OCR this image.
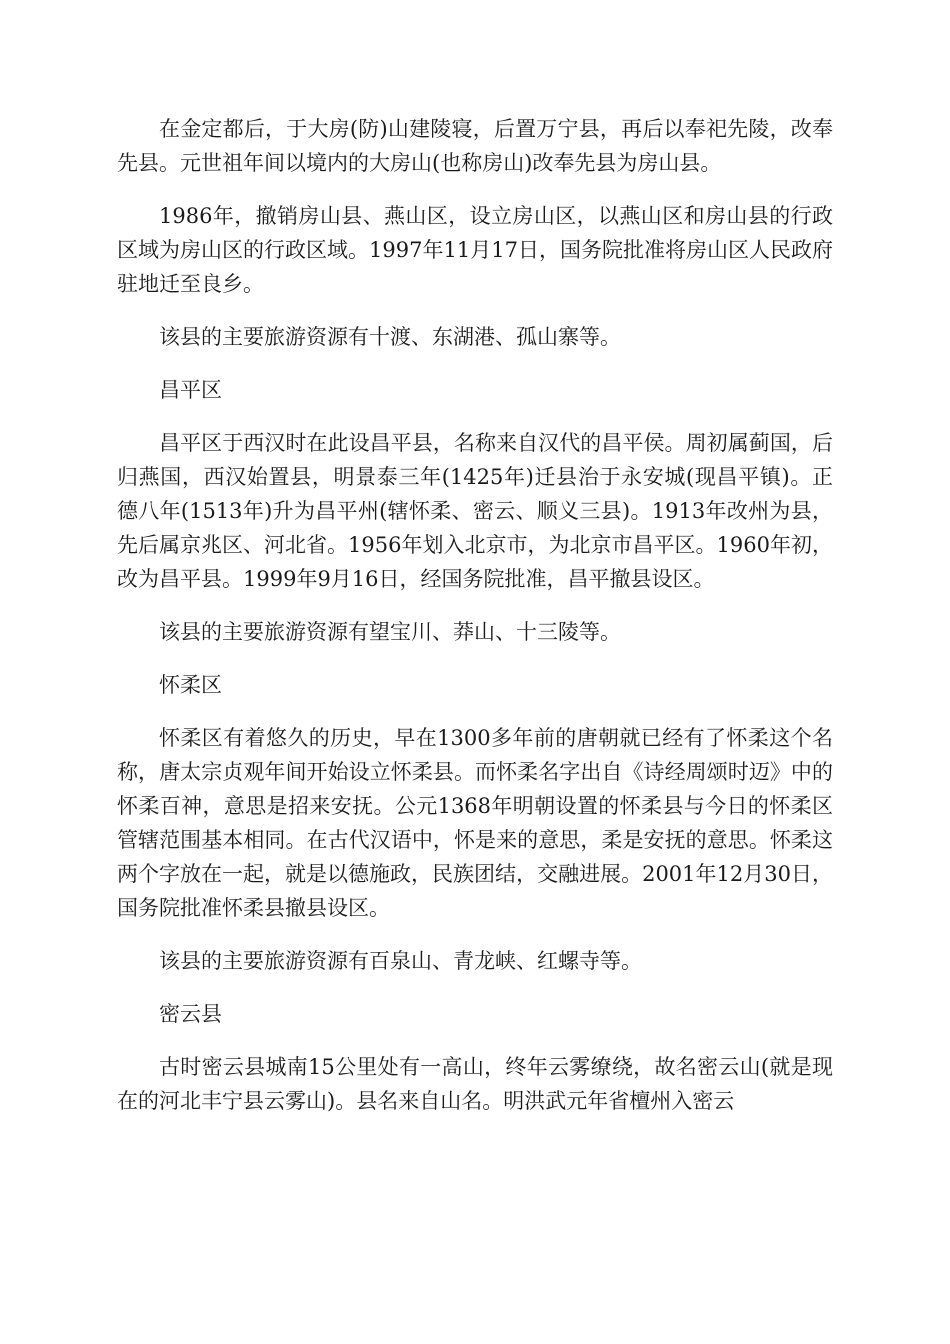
在金定都后，于大房(防)山建陵寝，后置万宁县，再后以奉祀先陵，改奉先县。元世祖年间以境内的大房山(也称房山)改奉先县为房山县。

1986年，撤销房山县、燕山区，设立房山区，以燕山区和房山县的行政区域为房山区的行政区域。1997年11月17日，国务院批准将房山区人民政府驻地迁至良乡。

该县的主要旅游资源有十渡、东湖港、孤山寨等。

昌平区

昌平区于西汉时在此设昌平县，名称来自汉代的昌平侯。周初属蓟国，后归燕国，西汉始置县，明景泰三年(1425年)迁县治于永安城(现昌平镇)。正德八年(1513年)升为昌平州(辖怀柔、密云、顺义三县)。1913年改州为县，先后属京兆区、河北省。1956年划入北京市，为北京市昌平区。1960年初，改为昌平县。1999年9月16日，经国务院批准，昌平撤县设区。

该县的主要旅游资源有望宝川、莽山、十三陵等。

怀柔区

怀柔区有着悠久的历史，早在1300多年前的唐朝就已经有了怀柔这个名称，唐太宗贞观年间开始设立怀柔县。而怀柔名字出自《诗经周颂时迈》中的怀柔百神，意思是招来安抚。公元1368年明朝设置的怀柔县与今日的怀柔区管辖范围基本相同。在古代汉语中，怀是来的意思，柔是安抚的意思。怀柔这两个字放在一起，就是以德施政，民族团结，交融进展。2001年12月30日，国务院批准怀柔县撤县设区。

该县的主要旅游资源有百泉山、青龙峡、红螺寺等。

密云县

古时密云县城南15公里处有一高山，终年云雾缭绕，故名密云山(就是现在的河北丰宁县云雾山)。县名来自山名。明洪武元年省檀州入密云
